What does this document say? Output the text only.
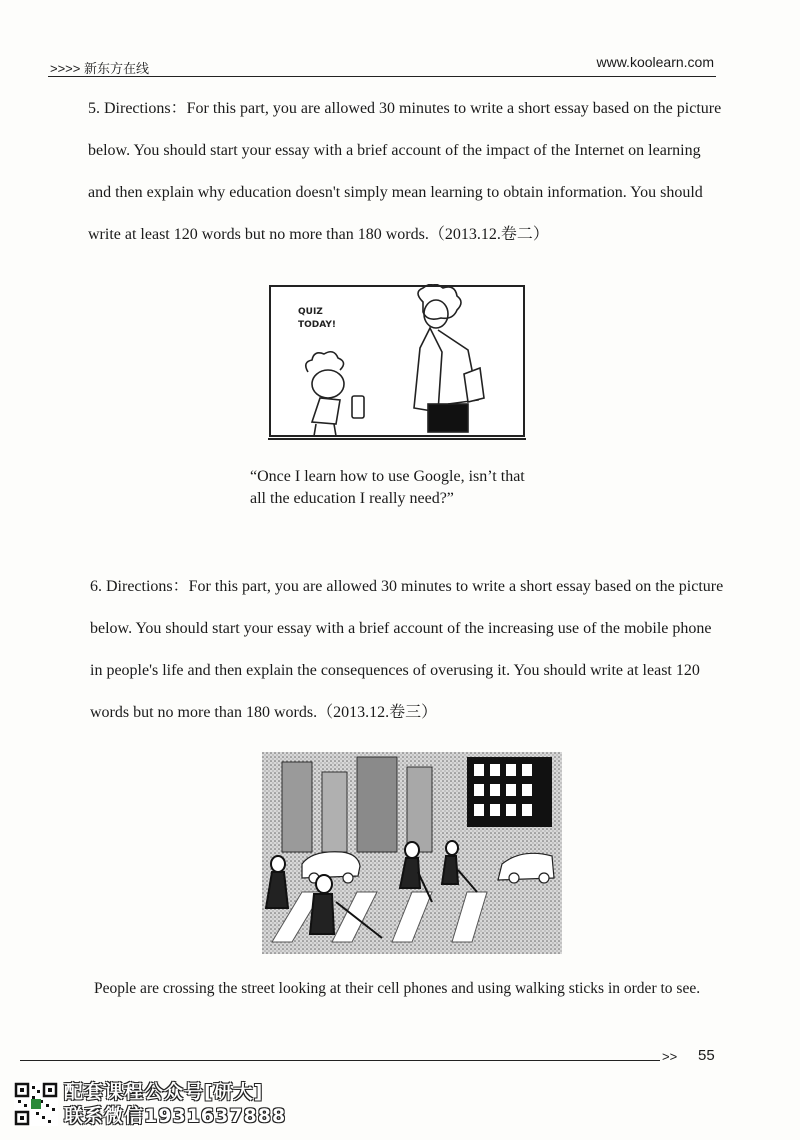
>>>> 新东方在线	www.koolearn.com

5. Directions：For this part, you are allowed 30 minutes to write a short essay based on the picture below. You should start your essay with a brief account of the impact of the Internet on learning and then explain why education doesn't simply mean learning to obtain information. You should write at least 120 words but no more than 180 words.（2013.12.卷二）

QUIZ
TODAY!

“Once I learn how to use Google, isn’t that
all the education I really need?”

6. Directions：For this part, you are allowed 30 minutes to write a short essay based on the picture below. You should start your essay with a brief account of the increasing use of the mobile phone in people's life and then explain the consequences of overusing it. You should write at least 120 words but no more than 180 words.（2013.12.卷三）

People are crossing the street looking at their cell phones and using walking sticks in order to see.

>> 55
配套课程公众号[研大]
联系微信1931637888
